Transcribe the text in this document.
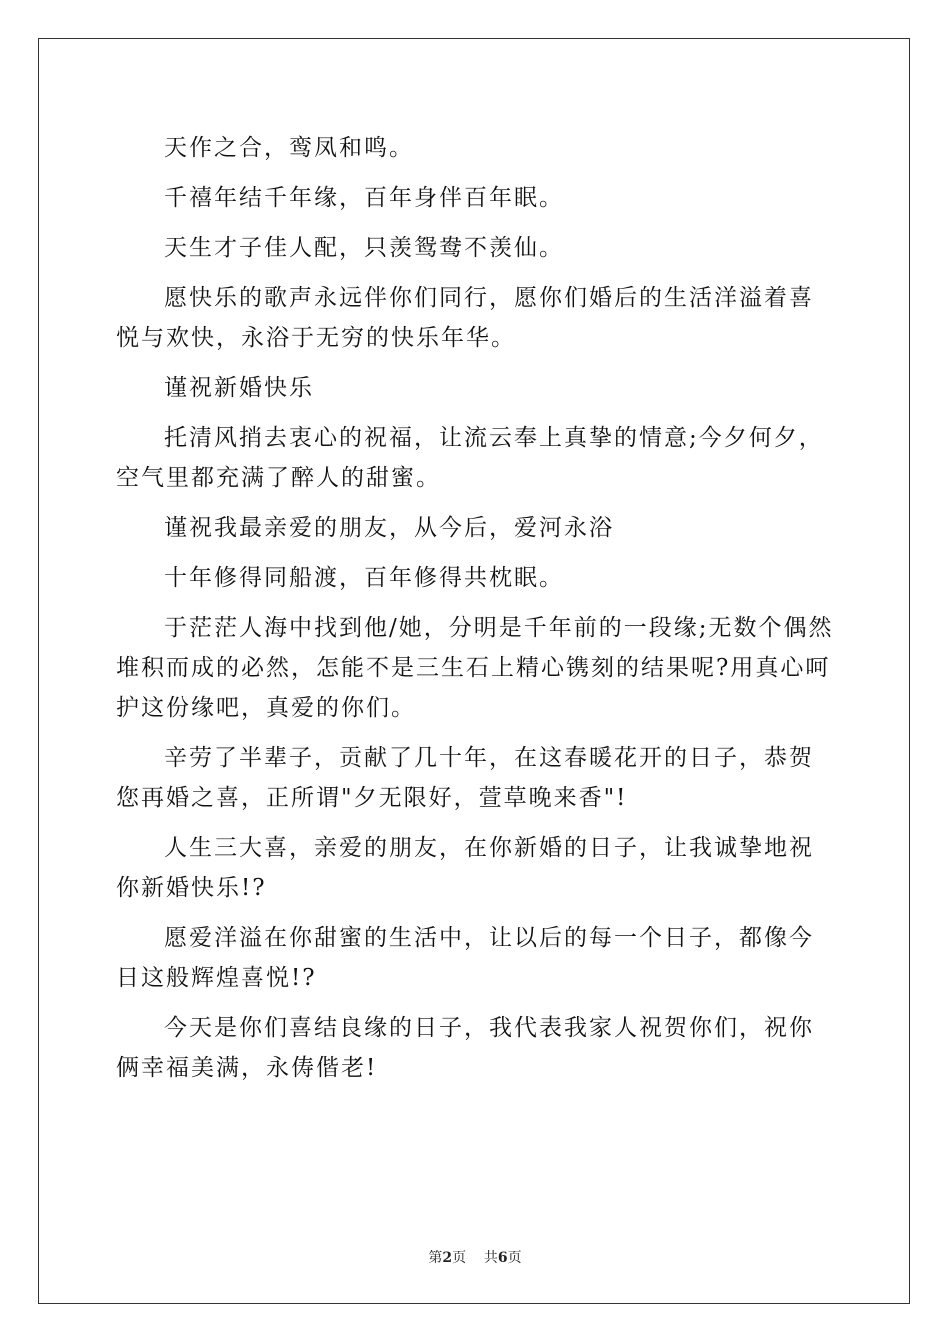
天作之合，鸾凤和鸣。

千禧年结千年缘，百年身伴百年眠。

天生才子佳人配，只羡鸳鸯不羡仙。

愿快乐的歌声永远伴你们同行，愿你们婚后的生活洋溢着喜悦与欢快，永浴于无穷的快乐年华。

谨祝新婚快乐

托清风捎去衷心的祝福，让流云奉上真挚的情意;今夕何夕，空气里都充满了醉人的甜蜜。

谨祝我最亲爱的朋友，从今后，爱河永浴

十年修得同船渡，百年修得共枕眠。

于茫茫人海中找到他/她，分明是千年前的一段缘;无数个偶然堆积而成的必然，怎能不是三生石上精心镌刻的结果呢?用真心呵护这份缘吧，真爱的你们。

辛劳了半辈子，贡献了几十年，在这春暖花开的日子，恭贺您再婚之喜，正所谓"夕无限好，萱草晚来香"!

人生三大喜，亲爱的朋友，在你新婚的日子，让我诚挚地祝你新婚快乐!?

愿爱洋溢在你甜蜜的生活中，让以后的每一个日子，都像今日这般辉煌喜悦!?

今天是你们喜结良缘的日子，我代表我家人祝贺你们，祝你俩幸福美满，永俦偕老!

第2页 共6页
